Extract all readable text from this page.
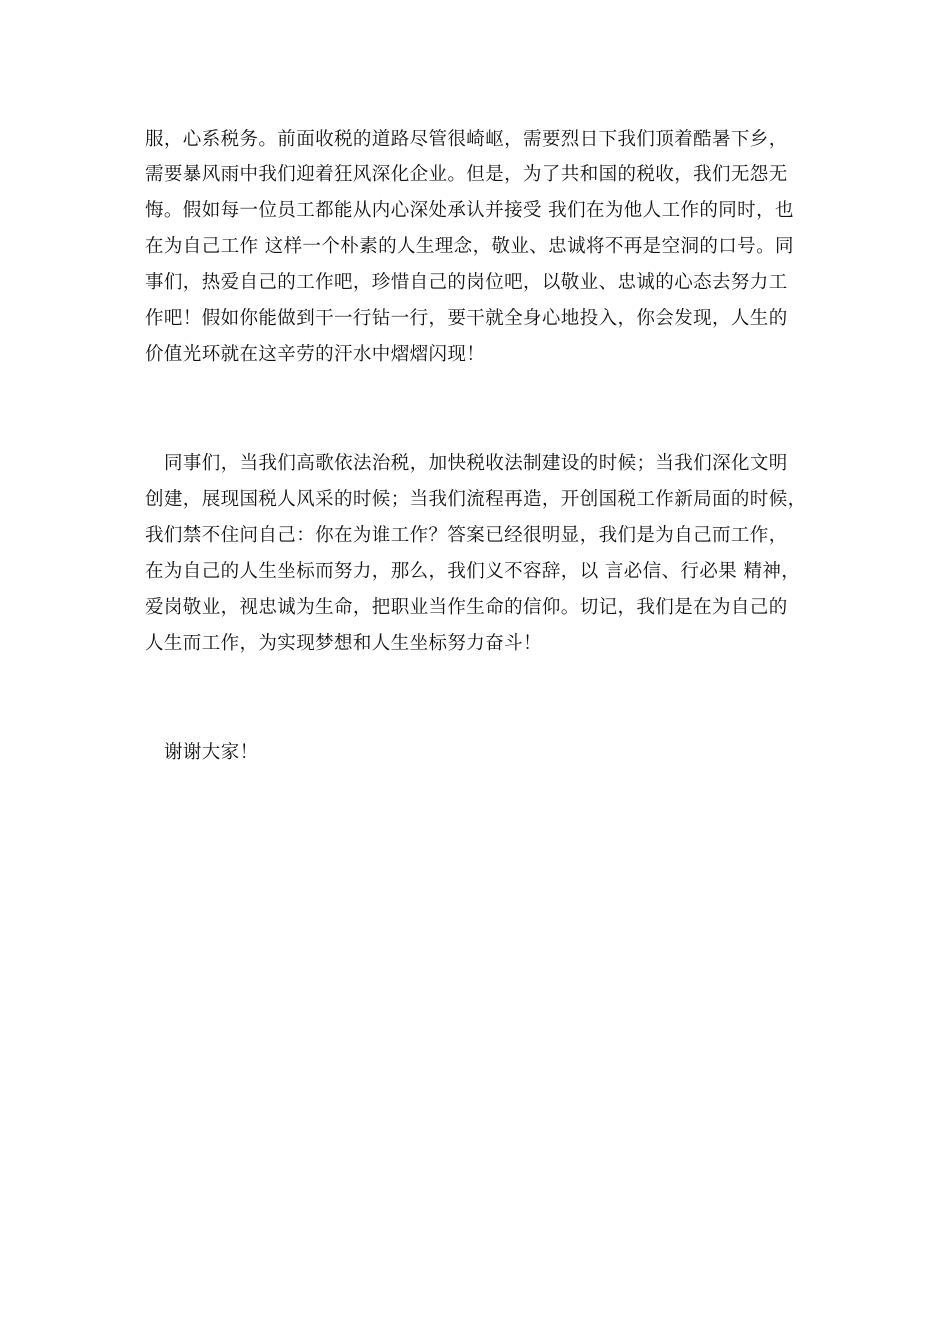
服，心系税务。前面收税的道路尽管很崎岖，需要烈日下我们顶着酷暑下乡，

需要暴风雨中我们迎着狂风深化企业。但是，为了共和国的税收，我们无怨无

悔。假如每一位员工都能从内心深处承认并接受 我们在为他人工作的同时，也

在为自己工作 这样一个朴素的人生理念，敬业、忠诚将不再是空洞的口号。同

事们，热爱自己的工作吧，珍惜自己的岗位吧，以敬业、忠诚的心态去努力工

作吧！假如你能做到干一行钻一行，要干就全身心地投入，你会发现，人生的

价值光环就在这辛劳的汗水中熠熠闪现！

同事们，当我们高歌依法治税，加快税收法制建设的时候；当我们深化文明

创建，展现国税人风采的时候；当我们流程再造，开创国税工作新局面的时候，

我们禁不住问自己：你在为谁工作？答案已经很明显，我们是为自己而工作，

在为自己的人生坐标而努力，那么，我们义不容辞，以 言必信、行必果 精神，

爱岗敬业，视忠诚为生命，把职业当作生命的信仰。切记，我们是在为自己的

人生而工作，为实现梦想和人生坐标努力奋斗！

谢谢大家！
